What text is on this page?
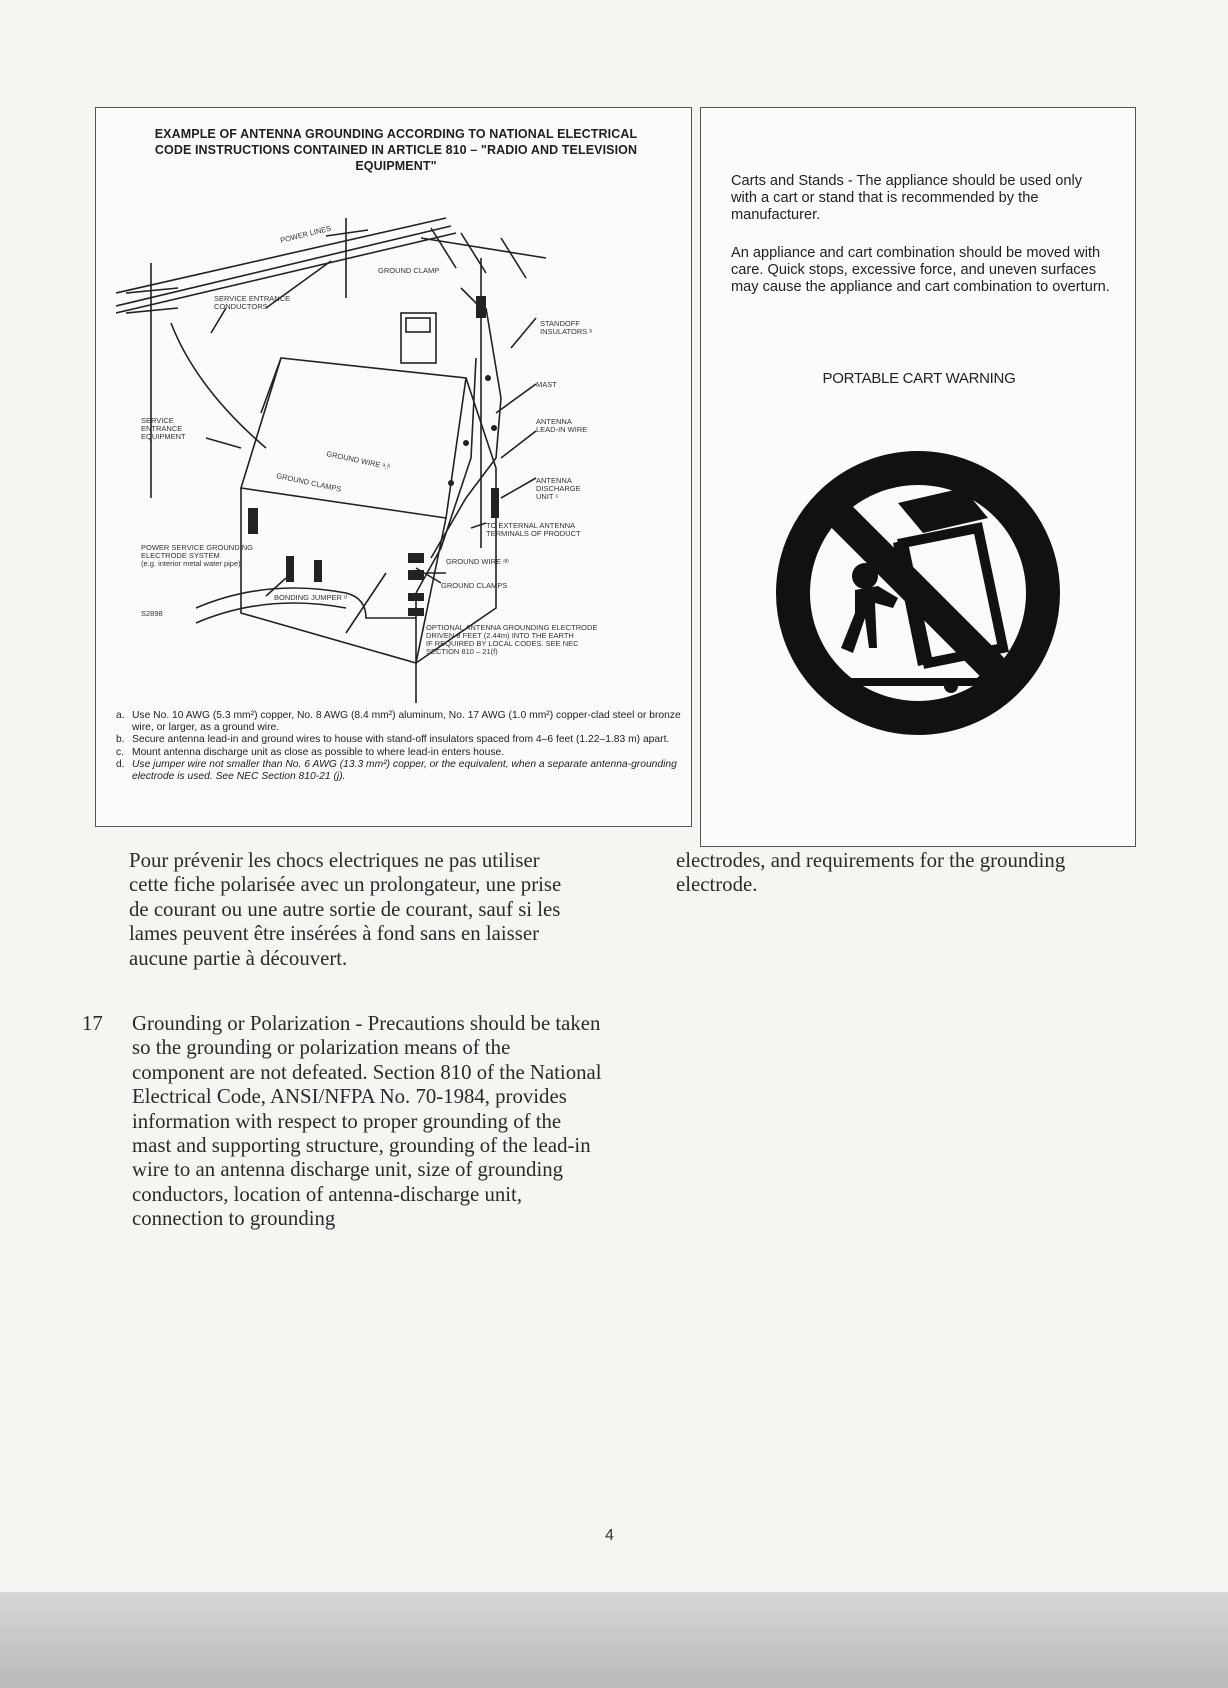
EXAMPLE OF ANTENNA GROUNDING ACCORDING TO NATIONAL ELECTRICAL CODE INSTRUCTIONS CONTAINED IN ARTICLE 810 – "RADIO AND TELEVISION EQUIPMENT"
POWER LINES
GROUND CLAMP
SERVICE ENTRANCE
CONDUCTORS
STANDOFF
INSULATORS ᵇ
MAST
SERVICE
ENTRANCE
EQUIPMENT
ANTENNA
LEAD-IN WIRE
GROUND WIRE ᵃ,ᵇ
GROUND CLAMPS	ANTENNA
DISCHARGE
UNIT ᶜ
TO EXTERNAL ANTENNA
TERMINALS OF PRODUCT
GROUND WIRE ᵃᵇ
POWER SERVICE GROUNDING
ELECTRODE SYSTEM
(e.g. interior metal water pipe)
GROUND CLAMPS
BONDING JUMPER ᵈ
S2898
OPTIONAL ANTENNA GROUNDING ELECTRODE
DRIVEN 8 FEET (2.44m) INTO THE EARTH
IF REQUIRED BY LOCAL CODES. SEE NEC
SECTION 810 – 21(f)
a. Use No. 10 AWG (5.3 mm²) copper, No. 8 AWG (8.4 mm²) aluminum, No. 17 AWG (1.0 mm²) copper-clad steel or bronze wire, or larger, as a ground wire.
b. Secure antenna lead-in and ground wires to house with stand-off insulators spaced from 4–6 feet (1.22–1.83 m) apart.
c. Mount antenna discharge unit as close as possible to where lead-in enters house.
d. Use jumper wire not smaller than No. 6 AWG (13.3 mm²) copper, or the equivalent, when a separate antenna-grounding electrode is used. See NEC Section 810-21 (j).

Carts and Stands - The appliance should be used only with a cart or stand that is recommended by the manufacturer.

An appliance and cart combination should be moved with care. Quick stops, excessive force, and uneven surfaces may cause the appliance and cart combination to overturn.

PORTABLE CART WARNING

Pour prévenir les chocs electriques ne pas utiliser cette fiche polarisée avec un prolongateur, une prise de courant ou une autre sortie de courant, sauf si les lames peuvent être insérées à fond sans en laisser aucune partie à découvert.

17	Grounding or Polarization - Precautions should be taken so the grounding or polarization means of the component are not defeated. Section 810 of the National Electrical Code, ANSI/NFPA No. 70-1984, provides information with respect to proper grounding of the mast and supporting structure, grounding of the lead-in wire to an antenna discharge unit, size of grounding conductors, location of antenna-discharge unit, connection to grounding

electrodes, and requirements for the grounding electrode.

4
